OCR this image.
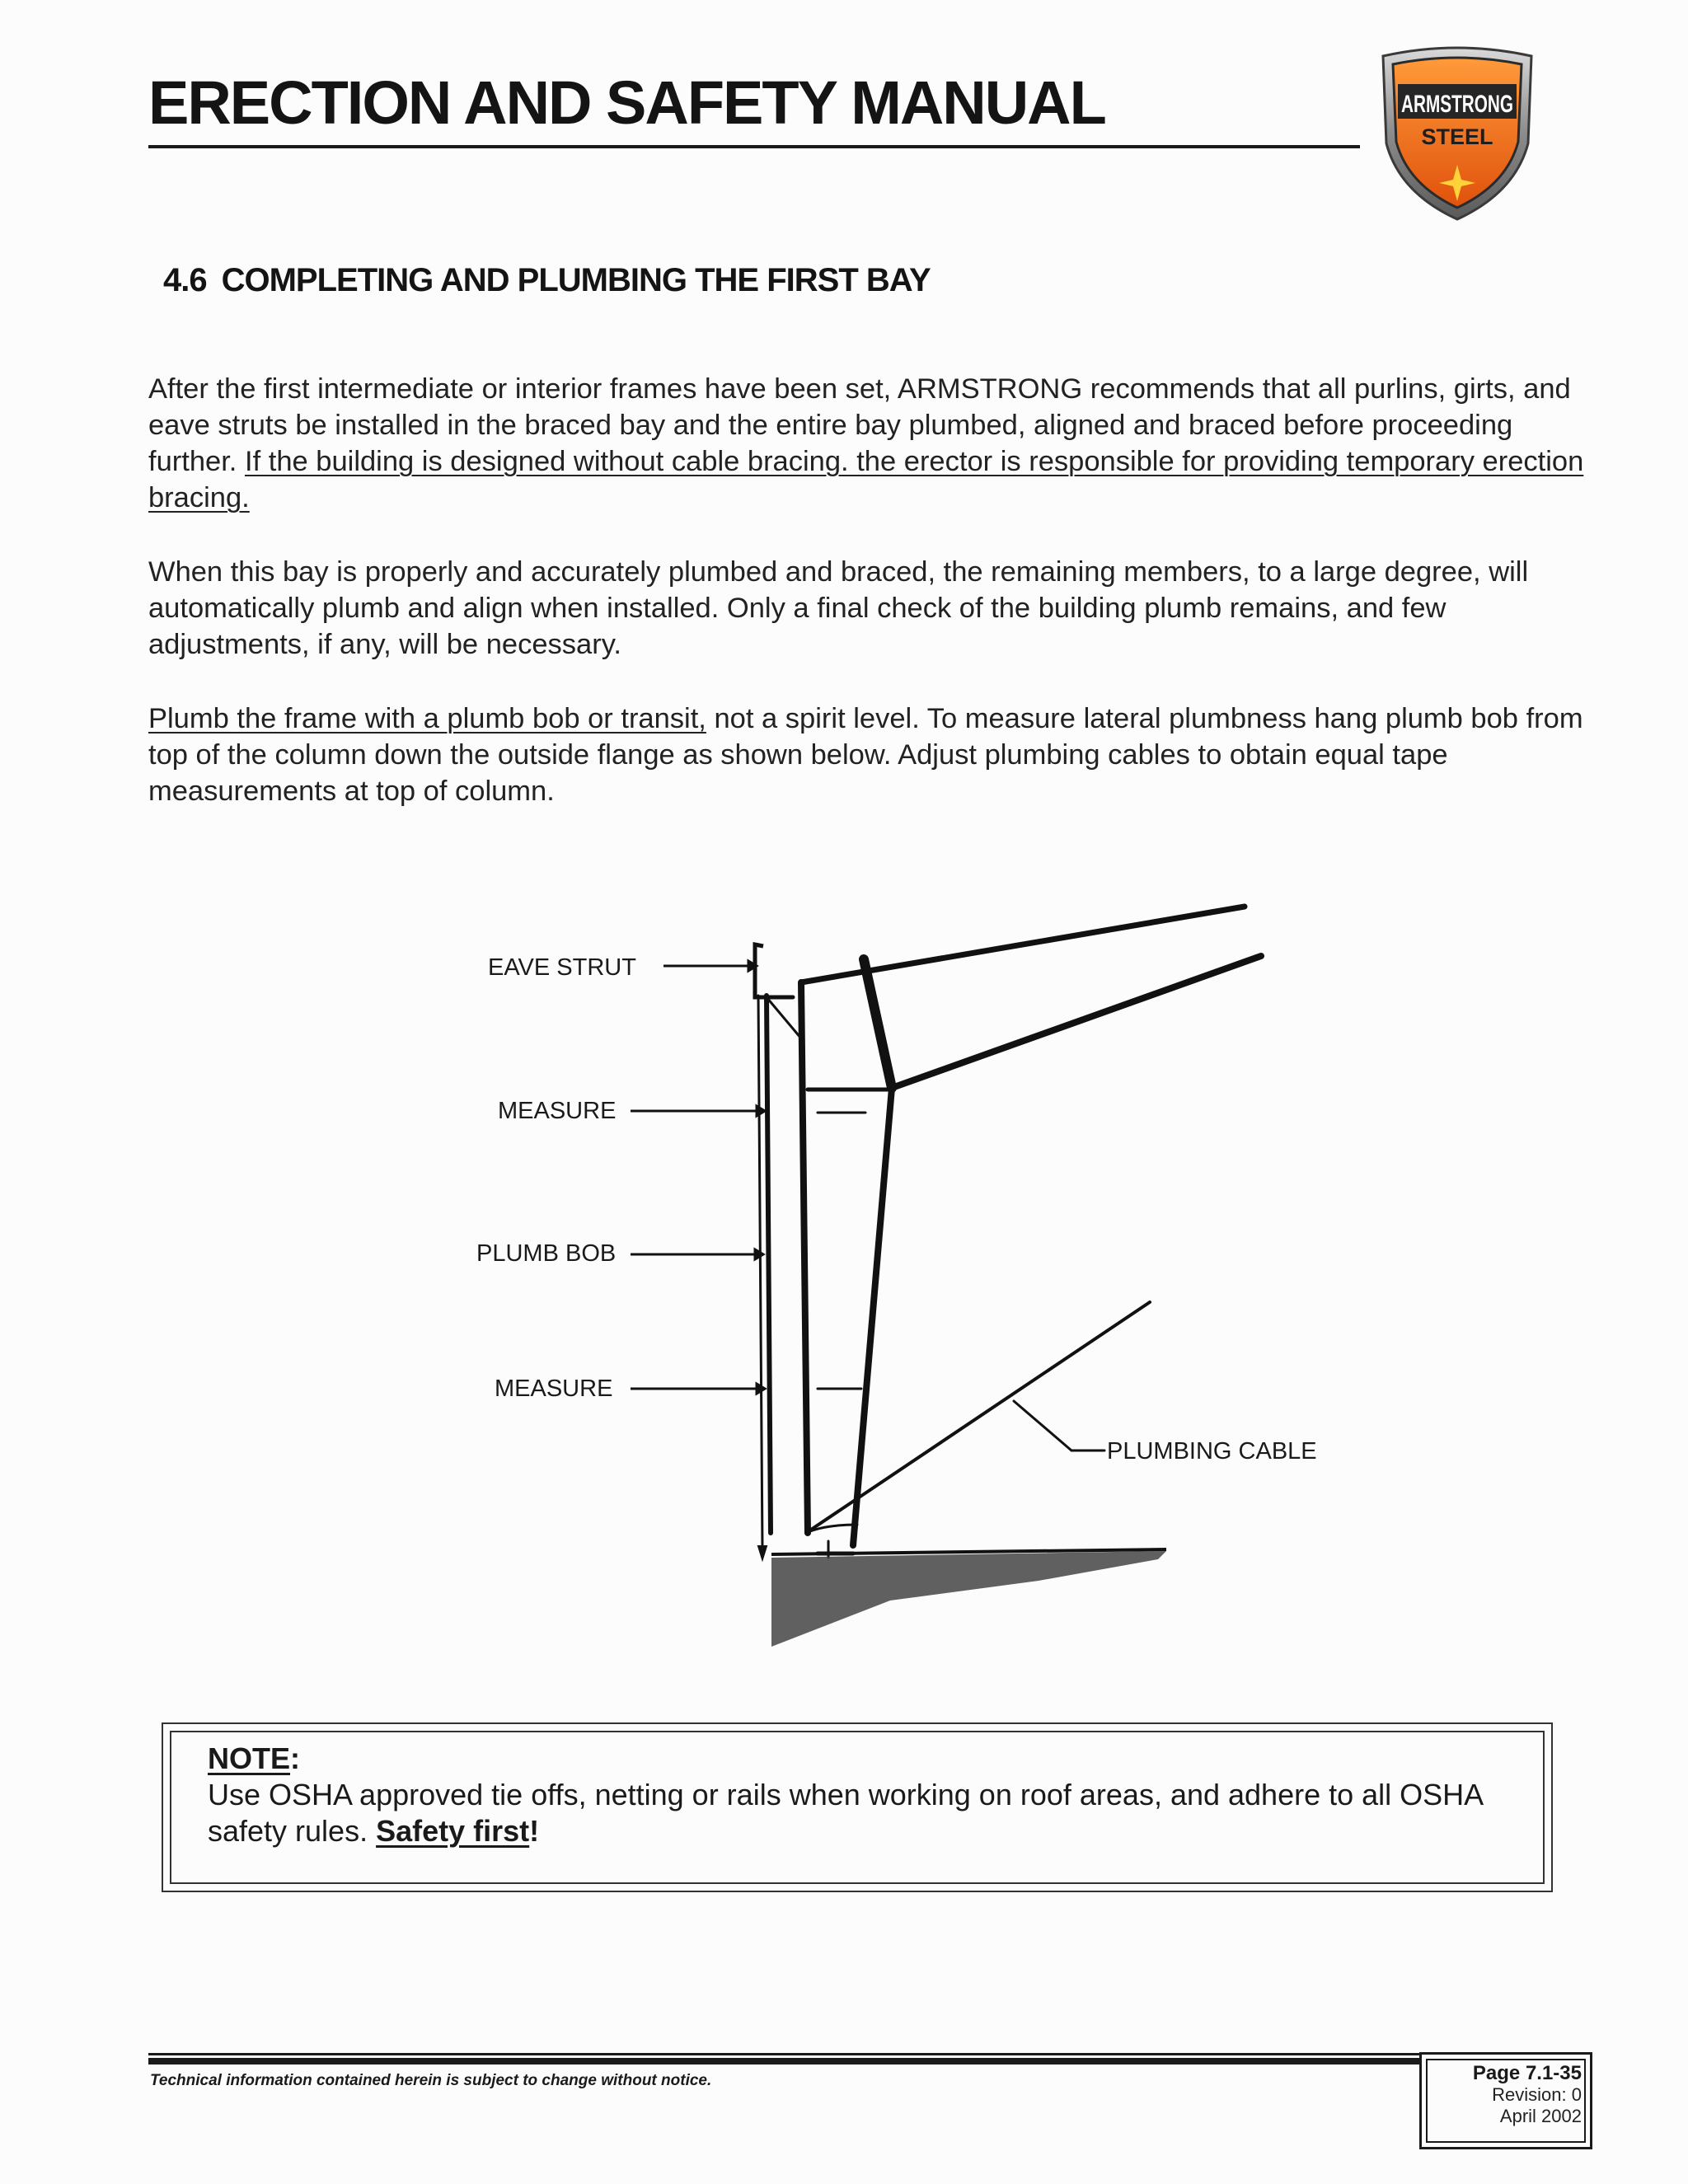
ERECTION AND SAFETY MANUAL	ARMSTRONG
STEEL
4.6 COMPLETING AND PLUMBING THE FIRST BAY

After the first intermediate or interior frames have been set, ARMSTRONG recommends that all purlins, girts, and eave struts be installed in the braced bay and the entire bay plumbed, aligned and braced before proceeding further. If the building is designed without cable bracing. the erector is responsible for providing temporary erection bracing.

When this bay is properly and accurately plumbed and braced, the remaining members, to a large degree, will automatically plumb and align when installed. Only a final check of the building plumb remains, and few adjustments, if any, will be necessary.

Plumb the frame with a plumb bob or transit, not a spirit level. To measure lateral plumbness hang plumb bob from top of the column down the outside flange as shown below. Adjust plumbing cables to obtain equal tape measurements at top of column.

EAVE STRUT
MEASURE
PLUMB BOB
MEASURE
PLUMBING CABLE
NOTE:
Use OSHA approved tie offs, netting or rails when working on roof areas, and adhere to all OSHA safety rules. Safety first!
Technical information contained herein is subject to change without notice.	Page 7.1-35
Revision: 0
April 2002
